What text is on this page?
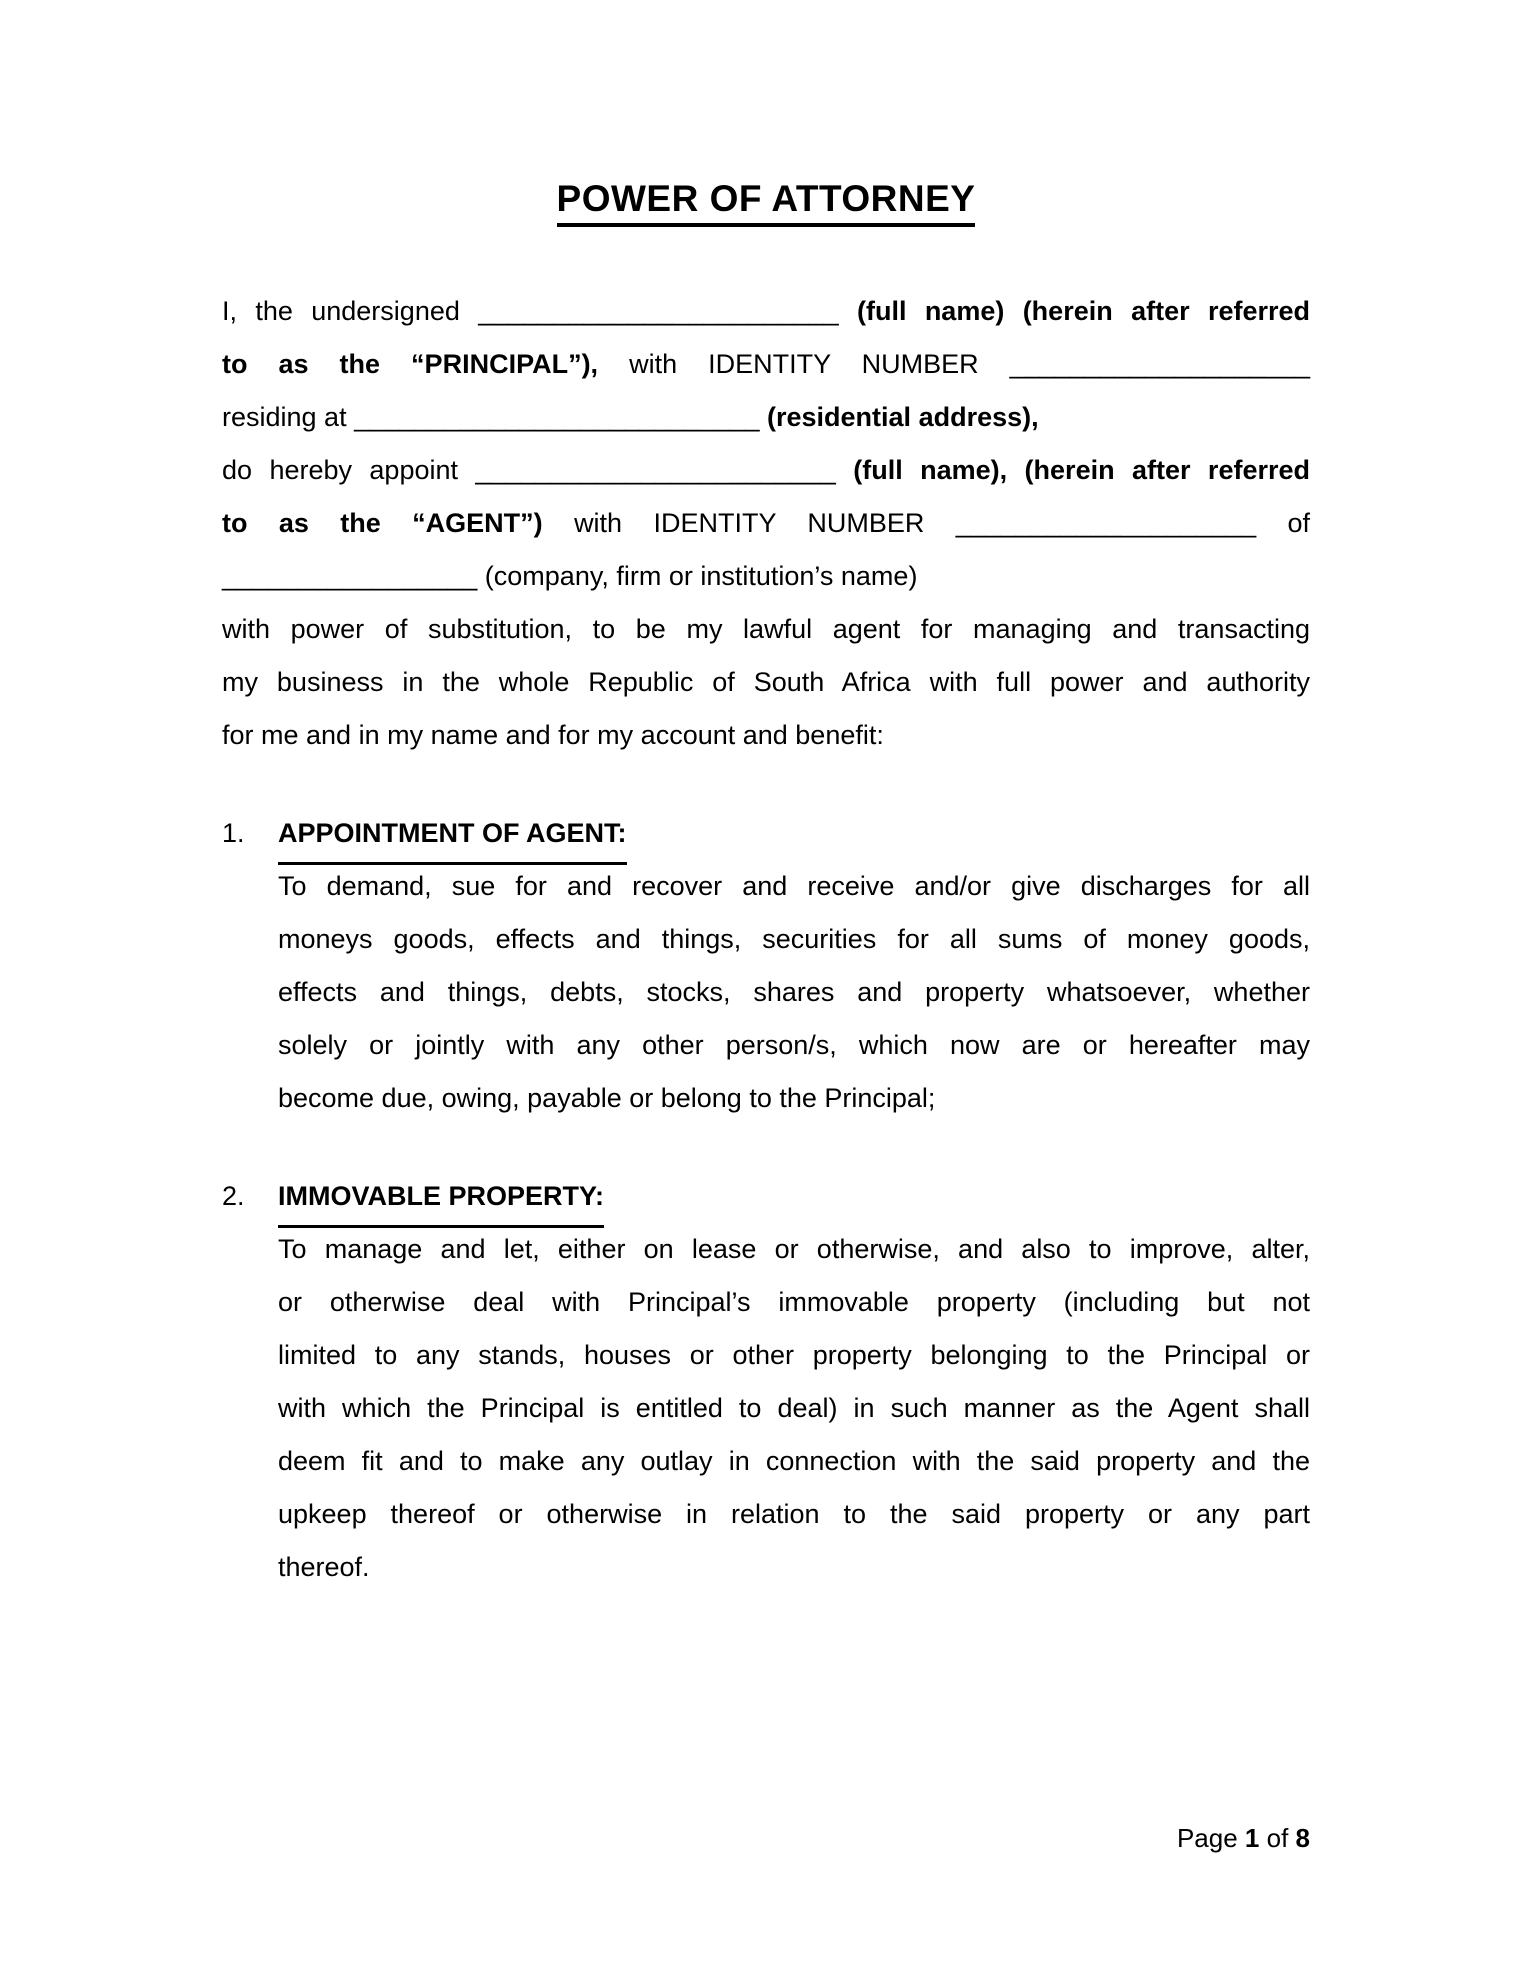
POWER OF ATTORNEY
I, the undersigned ________________________ (full name) (herein after referred
to as the “PRINCIPAL”), with IDENTITY NUMBER ____________________
residing at ___________________________ (residential address),
do hereby appoint ________________________ (full name), (herein after referred
to as the “AGENT”) with IDENTITY NUMBER ____________________ of
_________________ (company, firm or institution’s name)
with power of substitution, to be my lawful agent for managing and transacting
my business in the whole Republic of South Africa with full power and authority
for me and in my name and for my account and benefit:
1. APPOINTMENT OF AGENT:
To demand, sue for and recover and receive and/or give discharges for all
moneys goods, effects and things, securities for all sums of money goods,
effects and things, debts, stocks, shares and property whatsoever, whether
solely or jointly with any other person/s, which now are or hereafter may
become due, owing, payable or belong to the Principal;
2. IMMOVABLE PROPERTY:
To manage and let, either on lease or otherwise, and also to improve, alter,
or otherwise deal with Principal’s immovable property (including but not
limited to any stands, houses or other property belonging to the Principal or
with which the Principal is entitled to deal) in such manner as the Agent shall
deem fit and to make any outlay in connection with the said property and the
upkeep thereof or otherwise in relation to the said property or any part
thereof.
Page 1 of 8
